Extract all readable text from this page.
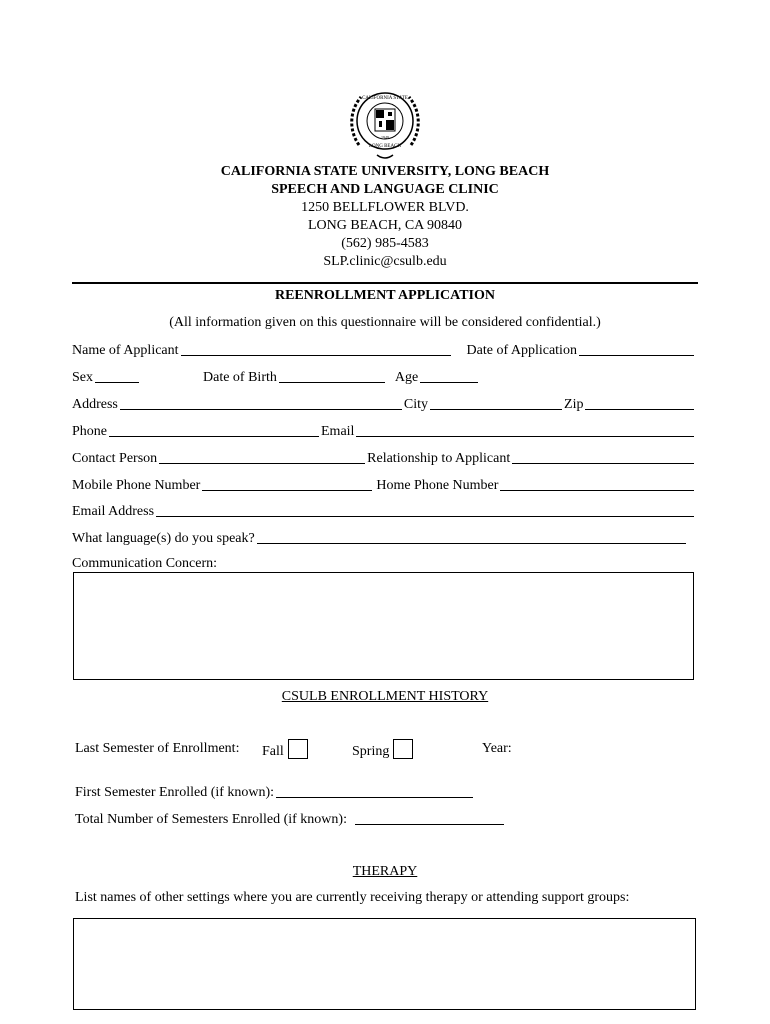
CALIFORNIA STATE
LONG BEACH
1949
CALIFORNIA STATE UNIVERSITY, LONG BEACH
SPEECH AND LANGUAGE CLINIC
1250 BELLFLOWER BLVD.
LONG BEACH, CA 90840
(562) 985-4583
SLP.clinic@csulb.edu
REENROLLMENT APPLICATION
(All information given on this questionnaire will be considered confidential.)
Name of Applicant	Date of Application
Sex	Date of Birth	Age
Address	City	Zip
Phone	Email
Contact Person	Relationship to Applicant
Mobile Phone Number	Home Phone Number
Email Address
What language(s) do you speak?
Communication Concern:
CSULB ENROLLMENT HISTORY
Last Semester of Enrollment: Fall	Spring	Year:
First Semester Enrolled (if known):
Total Number of Semesters Enrolled (if known):
THERAPY
List names of other settings where you are currently receiving therapy or attending support groups:
